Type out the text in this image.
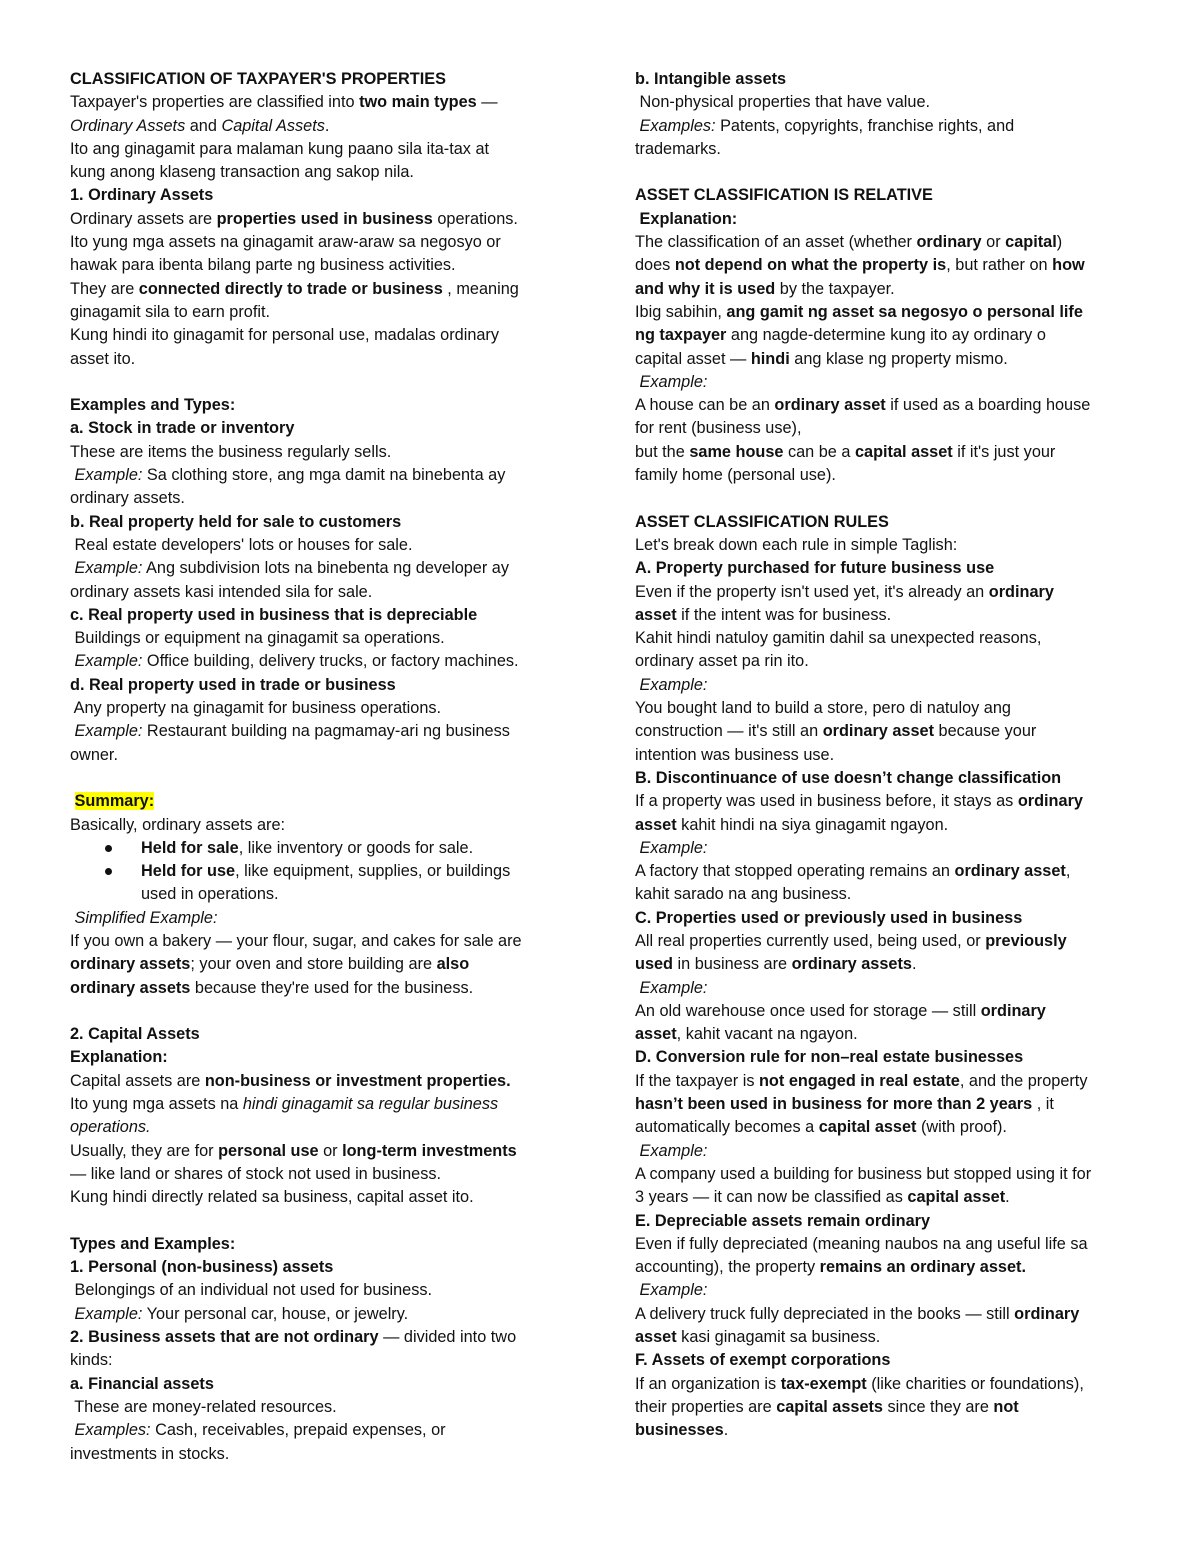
CLASSIFICATION OF TAXPAYER'S PROPERTIES
Taxpayer's properties are classified into two main types —
Ordinary Assets and Capital Assets.
Ito ang ginagamit para malaman kung paano sila ita-tax at
kung anong klaseng transaction ang sakop nila.
1. Ordinary Assets
Ordinary assets are properties used in business operations.
Ito yung mga assets na ginagamit araw-araw sa negosyo or
hawak para ibenta bilang parte ng business activities.
They are connected directly to trade or business , meaning
ginagamit sila to earn profit.
Kung hindi ito ginagamit for personal use, madalas ordinary
asset ito.
Examples and Types:
a. Stock in trade or inventory
These are items the business regularly sells.
Example: Sa clothing store, ang mga damit na binebenta ay
ordinary assets.
b. Real property held for sale to customers
Real estate developers' lots or houses for sale.
Example: Ang subdivision lots na binebenta ng developer ay
ordinary assets kasi intended sila for sale.
c. Real property used in business that is depreciable
Buildings or equipment na ginagamit sa operations.
Example: Office building, delivery trucks, or factory machines.
d. Real property used in trade or business
Any property na ginagamit for business operations.
Example: Restaurant building na pagmamay-ari ng business
owner.
Summary:
Basically, ordinary assets are:
Held for sale, like inventory or goods for sale.
Held for use, like equipment, supplies, or buildings
used in operations.
Simplified Example:
If you own a bakery — your flour, sugar, and cakes for sale are
ordinary assets; your oven and store building are also
ordinary assets because they're used for the business.
2. Capital Assets
Explanation:
Capital assets are non-business or investment properties.
Ito yung mga assets na hindi ginagamit sa regular business
operations.
Usually, they are for personal use or long-term investments
— like land or shares of stock not used in business.
Kung hindi directly related sa business, capital asset ito.
Types and Examples:
1. Personal (non-business) assets
Belongings of an individual not used for business.
Example: Your personal car, house, or jewelry.
2. Business assets that are not ordinary — divided into two
kinds:
a. Financial assets
These are money-related resources.
Examples: Cash, receivables, prepaid expenses, or
investments in stocks.
b. Intangible assets
Non-physical properties that have value.
Examples: Patents, copyrights, franchise rights, and
trademarks.
ASSET CLASSIFICATION IS RELATIVE
Explanation:
The classification of an asset (whether ordinary or capital)
does not depend on what the property is, but rather on how
and why it is used by the taxpayer.
Ibig sabihin, ang gamit ng asset sa negosyo o personal life
ng taxpayer ang nagde-determine kung ito ay ordinary o
capital asset — hindi ang klase ng property mismo.
Example:
A house can be an ordinary asset if used as a boarding house
for rent (business use),
but the same house can be a capital asset if it's just your
family home (personal use).
ASSET CLASSIFICATION RULES
Let's break down each rule in simple Taglish:
A. Property purchased for future business use
Even if the property isn't used yet, it's already an ordinary
asset if the intent was for business.
Kahit hindi natuloy gamitin dahil sa unexpected reasons,
ordinary asset pa rin ito.
Example:
You bought land to build a store, pero di natuloy ang
construction — it's still an ordinary asset because your
intention was business use.
B. Discontinuance of use doesn’t change classification
If a property was used in business before, it stays as ordinary
asset kahit hindi na siya ginagamit ngayon.
Example:
A factory that stopped operating remains an ordinary asset,
kahit sarado na ang business.
C. Properties used or previously used in business
All real properties currently used, being used, or previously
used in business are ordinary assets.
Example:
An old warehouse once used for storage — still ordinary
asset, kahit vacant na ngayon.
D. Conversion rule for non–real estate businesses
If the taxpayer is not engaged in real estate, and the property
hasn’t been used in business for more than 2 years , it
automatically becomes a capital asset (with proof).
Example:
A company used a building for business but stopped using it for
3 years — it can now be classified as capital asset.
E. Depreciable assets remain ordinary
Even if fully depreciated (meaning naubos na ang useful life sa
accounting), the property remains an ordinary asset.
Example:
A delivery truck fully depreciated in the books — still ordinary
asset kasi ginagamit sa business.
F. Assets of exempt corporations
If an organization is tax-exempt (like charities or foundations),
their properties are capital assets since they are not
businesses.
